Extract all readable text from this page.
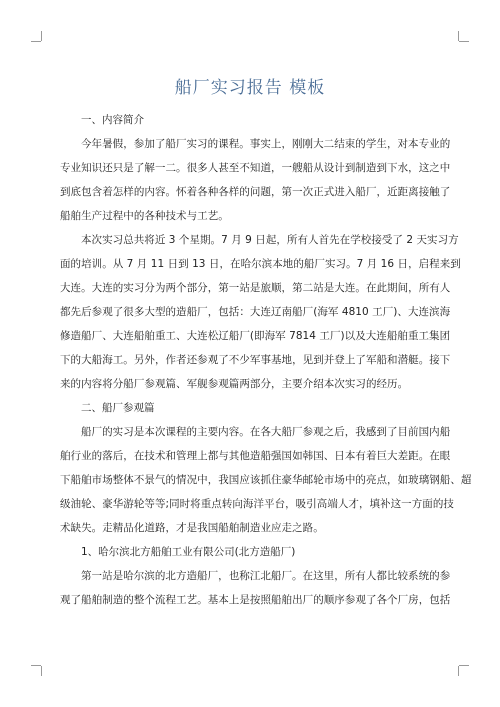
船厂实习报告 模板

一、内容简介

今年暑假，参加了船厂实习的课程。事实上，刚刚大二结束的学生，对本专业的
专业知识还只是了解一二。很多人甚至不知道，一艘船从设计到制造到下水，这之中
到底包含着怎样的内容。怀着各种各样的问题，第一次正式进入船厂，近距离接触了
船舶生产过程中的各种技术与工艺。
本次实习总共将近 3 个星期。7 月 9 日起，所有人首先在学校接受了 2 天实习方
面的培训。从 7 月 11 日到 13 日，在哈尔滨本地的船厂实习。7 月 16 日，启程来到
大连。大连的实习分为两个部分，第一站是旅顺，第二站是大连。在此期间，所有人
都先后参观了很多大型的造船厂，包括：大连辽南船厂(海军 4810 工厂)、大连滨海
修造船厂、大连船舶重工、大连松辽船厂(即海军 7814 工厂)以及大连船舶重工集团
下的大船海工。另外，作者还参观了不少军事基地，见到并登上了军船和潜艇。接下
来的内容将分船厂参观篇、军舰参观篇两部分，主要介绍本次实习的经历。

二、船厂参观篇

船厂的实习是本次课程的主要内容。在各大船厂参观之后，我感到了目前国内船
舶行业的落后，在技术和管理上都与其他造船强国如韩国、日本有着巨大差距。在眼
下船舶市场整体不景气的情况中，我国应该抓住豪华邮轮市场中的亮点，如玻璃钢船、超
级油轮、豪华游轮等等;同时将重点转向海洋平台，吸引高端人才，填补这一方面的技
术缺失。走精品化道路，才是我国船舶制造业应走之路。

1、哈尔滨北方船舶工业有限公司(北方造船厂)

第一站是哈尔滨的北方造船厂，也称江北船厂。在这里，所有人都比较系统的参
观了船舶制造的整个流程工艺。基本上是按照船舶出厂的顺序参观了各个厂房，包括
